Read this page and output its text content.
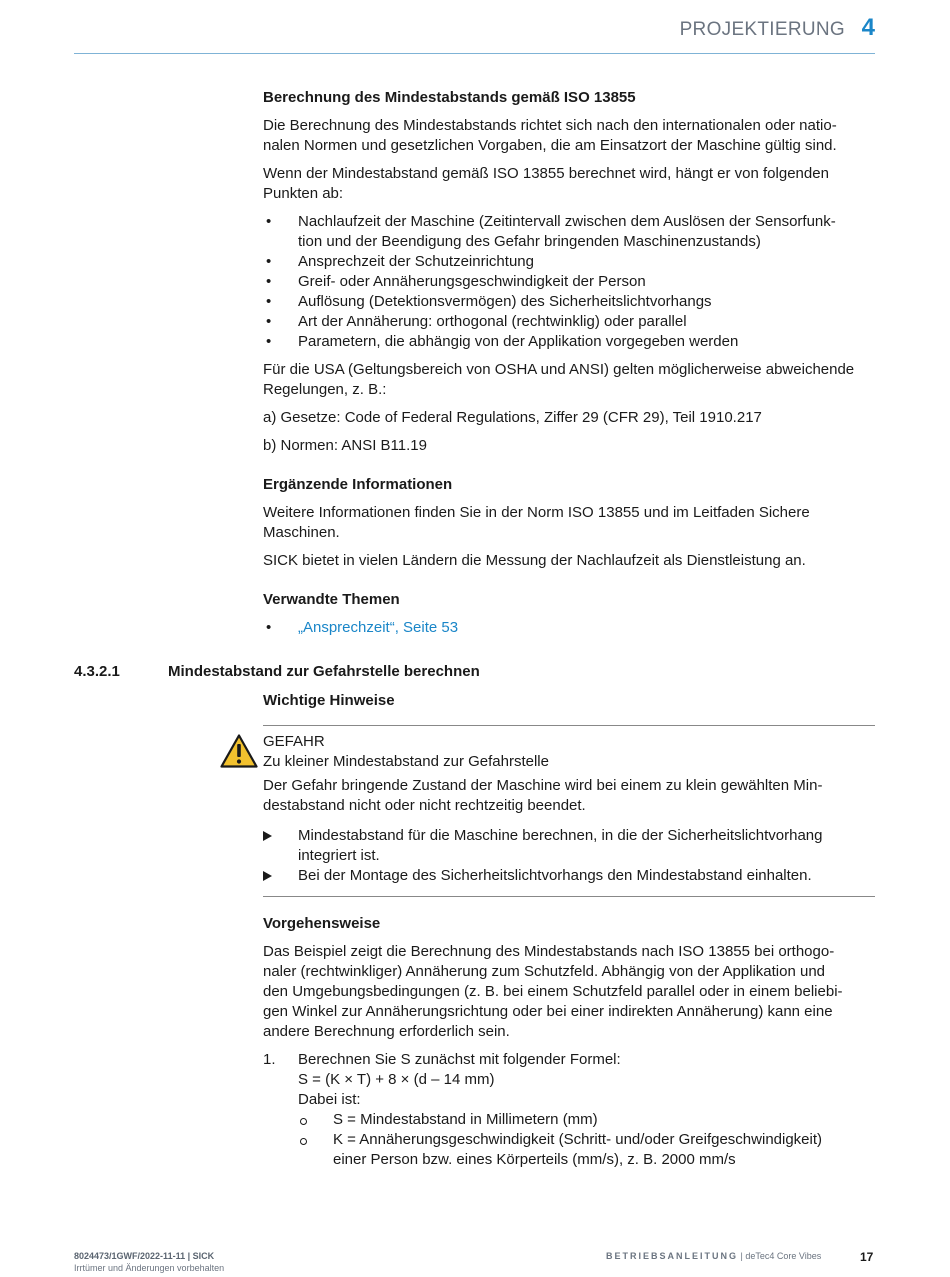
PROJEKTIERUNG 4
Berechnung des Mindestabstands gemäß ISO 13855

Die Berechnung des Mindestabstands richtet sich nach den internationalen oder natio-
nalen Normen und gesetzlichen Vorgaben, die am Einsatzort der Maschine gültig sind.

Wenn der Mindestabstand gemäß ISO 13855 berechnet wird, hängt er von folgenden
Punkten ab:

•	Nachlaufzeit der Maschine (Zeitintervall zwischen dem Auslösen der Sensorfunk-
tion und der Beendigung des Gefahr bringenden Maschinenzustands)
•	Ansprechzeit der Schutzeinrichtung
•	Greif- oder Annäherungsgeschwindigkeit der Person
•	Auflösung (Detektionsvermögen) des Sicherheitslichtvorhangs
•	Art der Annäherung: orthogonal (rechtwinklig) oder parallel
•	Parametern, die abhängig von der Applikation vorgegeben werden

Für die USA (Geltungsbereich von OSHA und ANSI) gelten möglicherweise abweichende
Regelungen, z. B.:

a) Gesetze: Code of Federal Regulations, Ziffer 29 (CFR 29), Teil 1910.217

b) Normen: ANSI B11.19

Ergänzende Informationen

Weitere Informationen finden Sie in der Norm ISO 13855 und im Leitfaden Sichere
Maschinen.

SICK bietet in vielen Ländern die Messung der Nachlaufzeit als Dienstleistung an.

Verwandte Themen
•	„Ansprechzeit“, Seite 53
4.3.2.1	Mindestabstand zur Gefahrstelle berechnen
Wichtige Hinweise
GEFAHR
Zu kleiner Mindestabstand zur Gefahrstelle

Der Gefahr bringende Zustand der Maschine wird bei einem zu klein gewählten Min-
destabstand nicht oder nicht rechtzeitig beendet.

Mindestabstand für die Maschine berechnen, in die der Sicherheitslichtvorhang
integriert ist.
Bei der Montage des Sicherheitslichtvorhangs den Mindestabstand einhalten.
Vorgehensweise

Das Beispiel zeigt die Berechnung des Mindestabstands nach ISO 13855 bei orthogo-
naler (rechtwinkliger) Annäherung zum Schutzfeld. Abhängig von der Applikation und
den Umgebungsbedingungen (z. B. bei einem Schutzfeld parallel oder in einem beliebi-
gen Winkel zur Annäherungsrichtung oder bei einer indirekten Annäherung) kann eine
andere Berechnung erforderlich sein.

1. Berechnen Sie S zunächst mit folgender Formel:
S = (K × T) + 8 × (d – 14 mm)
Dabei ist:
S = Mindestabstand in Millimetern (mm)
K = Annäherungsgeschwindigkeit (Schritt- und/oder Greifgeschwindigkeit)
einer Person bzw. eines Körperteils (mm/s), z. B. 2000 mm/s
8024473/1GWF/2022-11-11 | SICK
Irrtümer und Änderungen vorbehalten
BETRIEBSANLEITUNG | deTec4 Core Vibes	17
